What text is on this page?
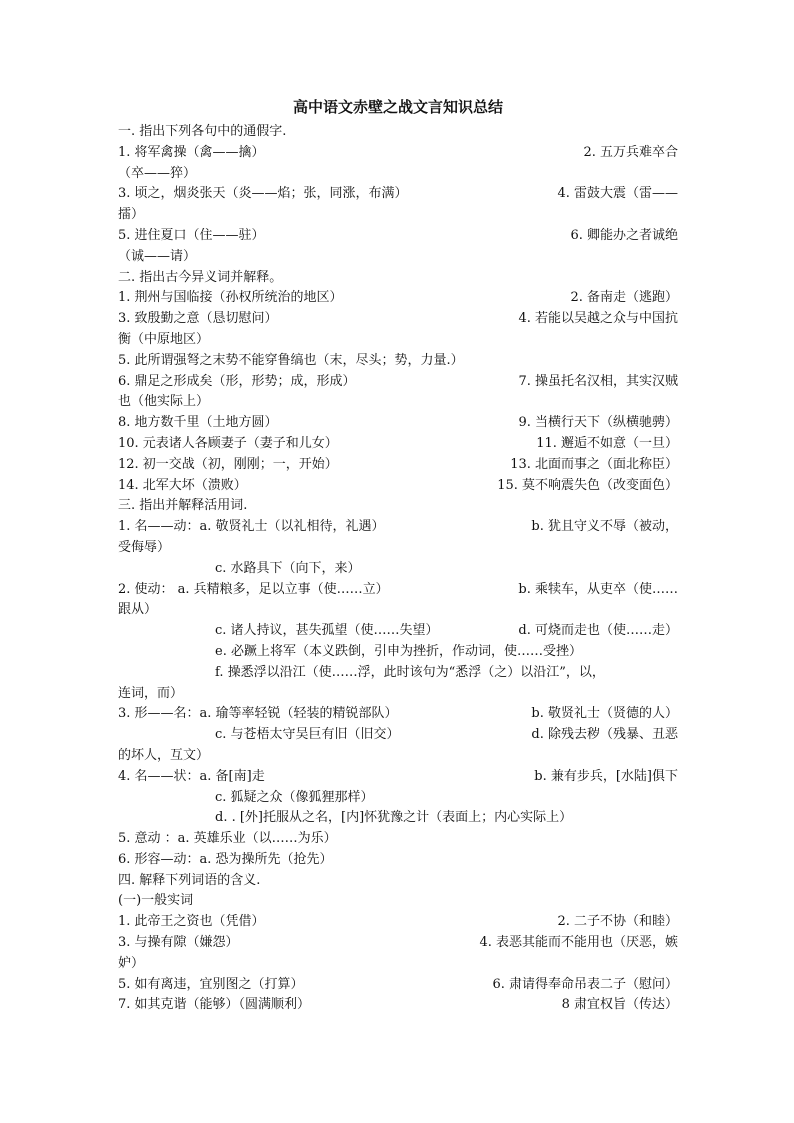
高中语文赤壁之战文言知识总结
一. 指出下列各句中的通假字.
1. 将军禽操（禽——擒）	2. 五万兵难卒合
（卒——猝）
3. 顷之，烟炎张天（炎——焰；张，同涨，布满）	4. 雷鼓大震（雷——
擂）
5. 进住夏口（住——驻）	6. 卿能办之者诚绝
（诚——请）
二. 指出古今异义词并解释。
1. 荆州与国临接（孙权所统治的地区）	2. 备南走（逃跑）
3. 致殷勤之意（恳切慰问）	4. 若能以吴越之众与中国抗
衡（中原地区）
5. 此所谓强弩之末势不能穿鲁缟也（末，尽头；势，力量.）
6. 鼎足之形成矣（形，形势；成，形成）	7. 操虽托名汉相，其实汉贼
也（他实际上）
8. 地方数千里（土地方圆）	9. 当横行天下（纵横驰骋）
10. 元表诸人各顾妻子（妻子和儿女）	11. 邂逅不如意（一旦）
12. 初一交战（初，刚刚；一，开始）	13. 北面而事之（面北称臣）
14. 北军大坏（溃败）	15. 莫不响震失色（改变面色）
三. 指出并解释活用词.
1. 名——动：a. 敬贤礼士（以礼相待，礼遇）	b. 犹且守义不辱（被动，
受侮辱）
c. 水路具下（向下，来）
2. 使动： a. 兵精粮多，足以立事（使……立）	b. 乘犊车，从吏卒（使……
跟从）
c. 诸人持议，甚失孤望（使……失望）	d. 可烧而走也（使……走）
e. 必蹶上将军（本义跌倒，引申为挫折，作动词，使……受挫）
f. 操悉浮以沿江（使……浮，此时该句为“悉浮（之）以沿江”，以，
连词，而）
3. 形——名：a. 瑜等率轻锐（轻装的精锐部队）	b. 敬贤礼士（贤德的人）
c. 与苍梧太守吴巨有旧（旧交）	d. 除残去秽（残暴、丑恶
的坏人，互文）
4. 名——状：a. 备[南]走	b. 兼有步兵，[水陆]俱下
c. 狐疑之众（像狐狸那样）
d. . [外]托服从之名，[内]怀犹豫之计（表面上；内心实际上）
5. 意动 ：a. 英雄乐业（以……为乐）
6. 形容—动：a. 恐为操所先（抢先）
四. 解释下列词语的含义.
(一)一般实词
1. 此帝王之资也（凭借）	2. 二子不协（和睦）
3. 与操有隙（嫌怨）	4. 表恶其能而不能用也（厌恶，嫉
妒）
5. 如有离违，宜别图之（打算）	6. 肃请得奉命吊表二子（慰问）
7. 如其克谐（能够）（圆满顺利）	8 肃宜权旨（传达）
